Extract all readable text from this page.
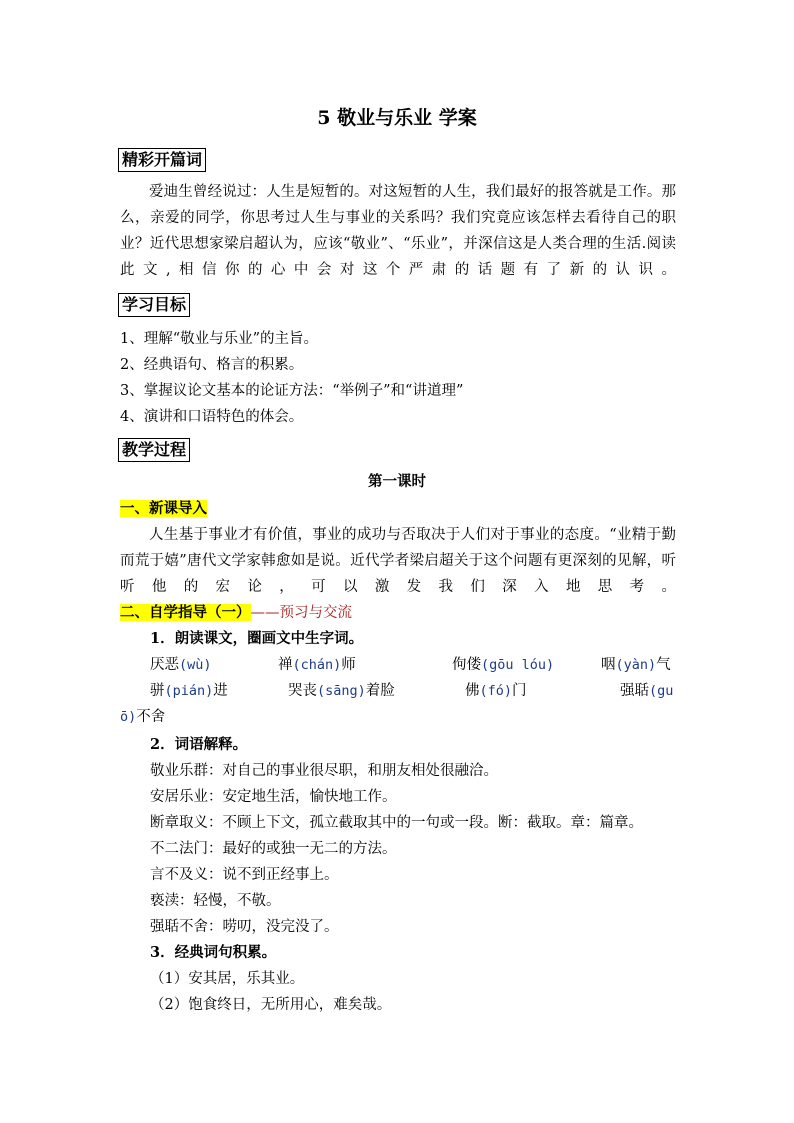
5 敬业与乐业 学案
精彩开篇词
爱迪生曾经说过：人生是短暂的。对这短暂的人生，我们最好的报答就是工作。那么，亲爱的同学，你思考过人生与事业的关系吗？我们究竟应该怎样去看待自己的职业？近代思想家梁启超认为，应该“敬业”、“乐业”，并深信这是人类合理的生活.阅读此文,相信你的心中会对这个严肃的话题有了新的认识。
学习目标
1、理解“敬业与乐业”的主旨。
2、经典语句、格言的积累。
3、掌握议论文基本的论证方法：“举例子”和“讲道理”
4、演讲和口语特色的体会。
教学过程
第一课时
一、新课导入
人生基于事业才有价值，事业的成功与否取决于人们对于事业的态度。“业精于勤而荒于嬉”唐代文学家韩愈如是说。近代学者梁启超关于这个问题有更深刻的见解，听听他的宏论，可以激发我们深入地思考。
二、自学指导（一）——预习与交流
1．朗读课文，圈画文中生字词。
厌恶(wù)	禅(chán)师	佝偻(gōu lóu)	咽(yàn)气
骈(pián)进	哭丧(sāng)着脸	佛(fó)门	强聒(gu
ō)不舍
2．词语解释。
敬业乐群：对自己的事业很尽职，和朋友相处很融洽。
安居乐业：安定地生活，愉快地工作。
断章取义：不顾上下文，孤立截取其中的一句或一段。断：截取。章：篇章。
不二法门：最好的或独一无二的方法。
言不及义：说不到正经事上。
亵渎：轻慢，不敬。
强聒不舍：唠叨，没完没了。
3．经典词句积累。
（1）安其居，乐其业。
（2）饱食终日，无所用心，难矣哉。
